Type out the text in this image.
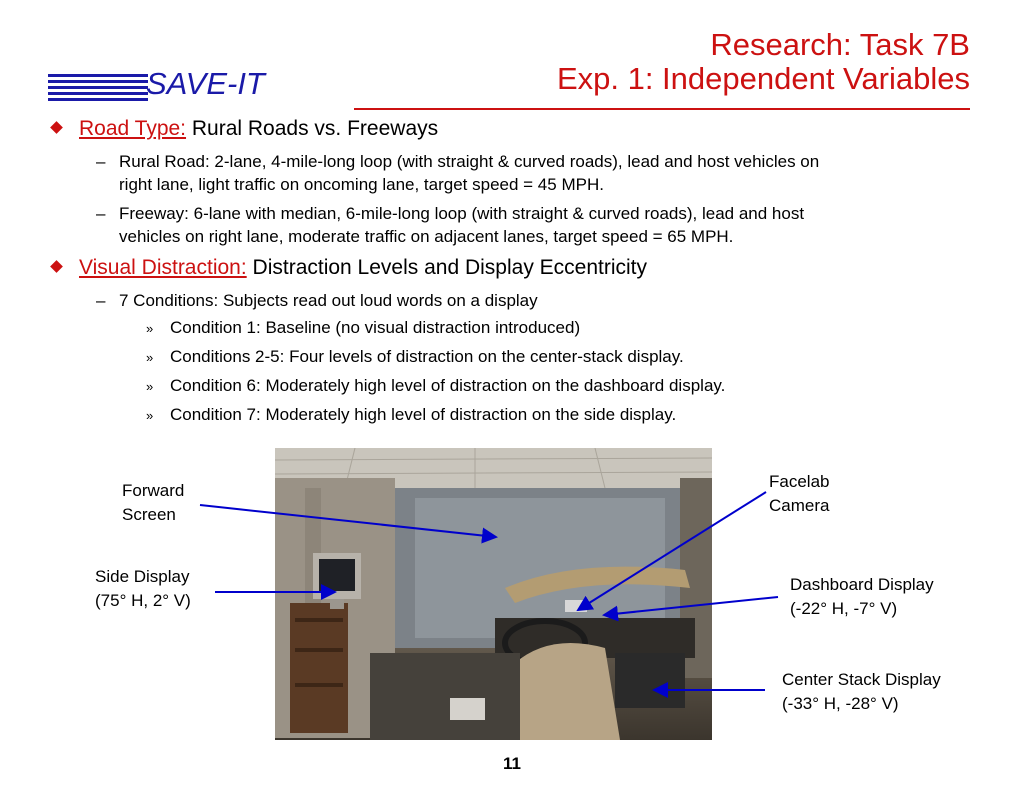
SAVE-IT
Research: Task 7B
Exp. 1: Independent Variables
Road Type: Rural Roads vs. Freeways
– Rural Road: 2-lane, 4-mile-long loop (with straight & curved roads), lead and host vehicles on
right lane, light traffic on oncoming lane, target speed = 45 MPH.
– Freeway: 6-lane with median, 6-mile-long loop (with straight & curved roads), lead and host
vehicles on right lane, moderate traffic on adjacent lanes, target speed = 65 MPH.
Visual Distraction: Distraction Levels and Display Eccentricity
– 7 Conditions: Subjects read out loud words on a display
» Condition 1: Baseline (no visual distraction introduced)
» Conditions 2-5: Four levels of distraction on the center-stack display.
» Condition 6: Moderately high level of distraction on the dashboard display.
» Condition 7: Moderately high level of distraction on the side display.
Forward
Screen
Side Display
(75° H, 2° V)
Facelab
Camera
Dashboard Display
(-22° H, -7° V)
Center Stack Display
(-33° H, -28° V)
11
